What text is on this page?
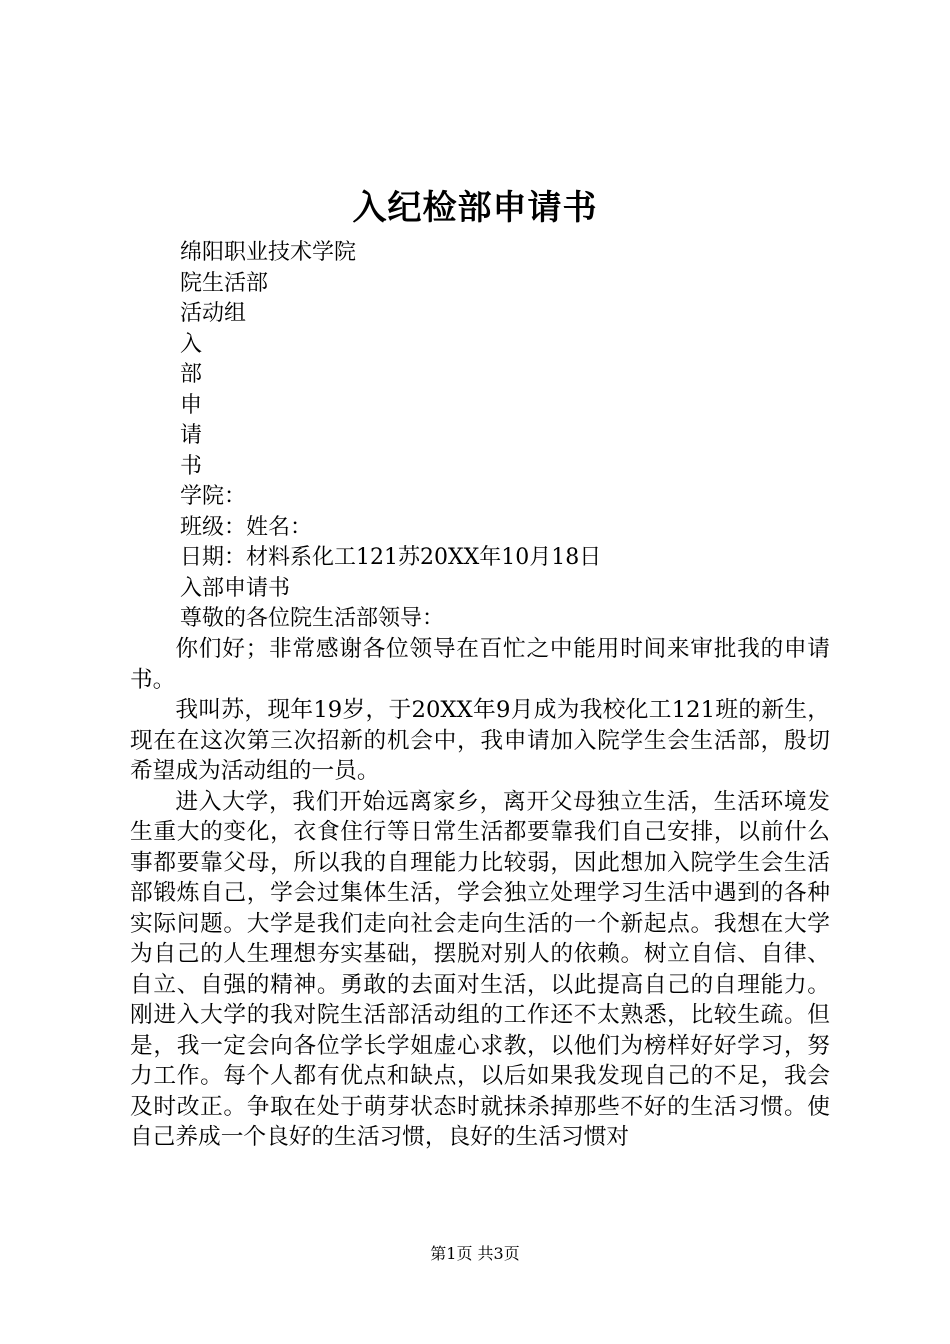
入纪检部申请书
绵阳职业技术学院
院生活部
活动组
入
部
申
请
书
学院：
班级：姓名：
日期：材料系化工121苏20XX年10月18日
入部申请书
尊敬的各位院生活部领导：

你们好；非常感谢各位领导在百忙之中能用时间来审批我的申请书。

我叫苏，现年19岁，于20XX年9月成为我校化工121班的新生，现在在这次第三次招新的机会中，我申请加入院学生会生活部，殷切希望成为活动组的一员。

进入大学，我们开始远离家乡，离开父母独立生活，生活环境发生重大的变化，衣食住行等日常生活都要靠我们自己安排，以前什么事都要靠父母，所以我的自理能力比较弱，因此想加入院学生会生活部锻炼自己，学会过集体生活，学会独立处理学习生活中遇到的各种实际问题。大学是我们走向社会走向生活的一个新起点。我想在大学为自己的人生理想夯实基础，摆脱对别人的依赖。树立自信、自律、自立、自强的精神。勇敢的去面对生活，以此提高自己的自理能力。刚进入大学的我对院生活部活动组的工作还不太熟悉，比较生疏。但是，我一定会向各位学长学姐虚心求教，以他们为榜样好好学习，努力工作。每个人都有优点和缺点，以后如果我发现自己的不足，我会及时改正。争取在处于萌芽状态时就抹杀掉那些不好的生活习惯。使自己养成一个良好的生活习惯，良好的生活习惯对

第1页 共3页
